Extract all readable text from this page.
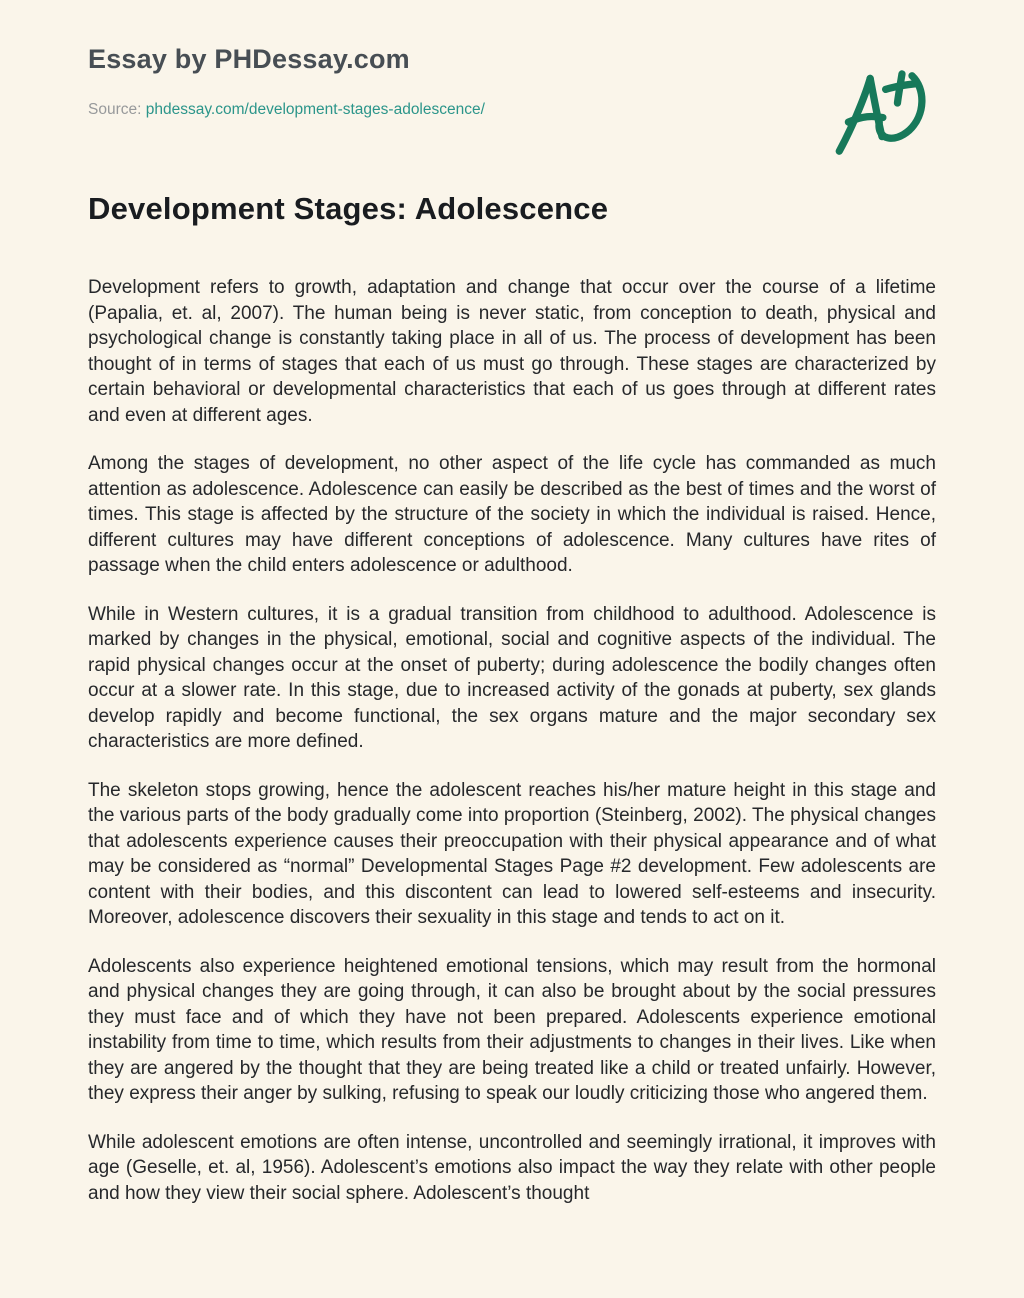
Essay by PHDessay.com
Source: phdessay.com/development-stages-adolescence/
Development Stages: Adolescence

Development refers to growth, adaptation and change that occur over the course of a lifetime (Papalia, et. al, 2007). The human being is never static, from conception to death, physical and psychological change is constantly taking place in all of us. The process of development has been thought of in terms of stages that each of us must go through. These stages are characterized by certain behavioral or developmental characteristics that each of us goes through at different rates and even at different ages.

Among the stages of development, no other aspect of the life cycle has commanded as much attention as adolescence. Adolescence can easily be described as the best of times and the worst of times. This stage is affected by the structure of the society in which the individual is raised. Hence, different cultures may have different conceptions of adolescence. Many cultures have rites of passage when the child enters adolescence or adulthood.

While in Western cultures, it is a gradual transition from childhood to adulthood. Adolescence is marked by changes in the physical, emotional, social and cognitive aspects of the individual. The rapid physical changes occur at the onset of puberty; during adolescence the bodily changes often occur at a slower rate. In this stage, due to increased activity of the gonads at puberty, sex glands develop rapidly and become functional, the sex organs mature and the major secondary sex characteristics are more defined.

The skeleton stops growing, hence the adolescent reaches his/her mature height in this stage and the various parts of the body gradually come into proportion (Steinberg, 2002). The physical changes that adolescents experience causes their preoccupation with their physical appearance and of what may be considered as “normal” Developmental Stages Page #2 development. Few adolescents are content with their bodies, and this discontent can lead to lowered self-esteems and insecurity. Moreover, adolescence discovers their sexuality in this stage and tends to act on it.

Adolescents also experience heightened emotional tensions, which may result from the hormonal and physical changes they are going through, it can also be brought about by the social pressures they must face and of which they have not been prepared. Adolescents experience emotional instability from time to time, which results from their adjustments to changes in their lives. Like when they are angered by the thought that they are being treated like a child or treated unfairly. However, they express their anger by sulking, refusing to speak our loudly criticizing those who angered them.

While adolescent emotions are often intense, uncontrolled and seemingly irrational, it improves with age (Geselle, et. al, 1956). Adolescent’s emotions also impact the way they relate with other people and how they view their social sphere. Adolescent’s thought
